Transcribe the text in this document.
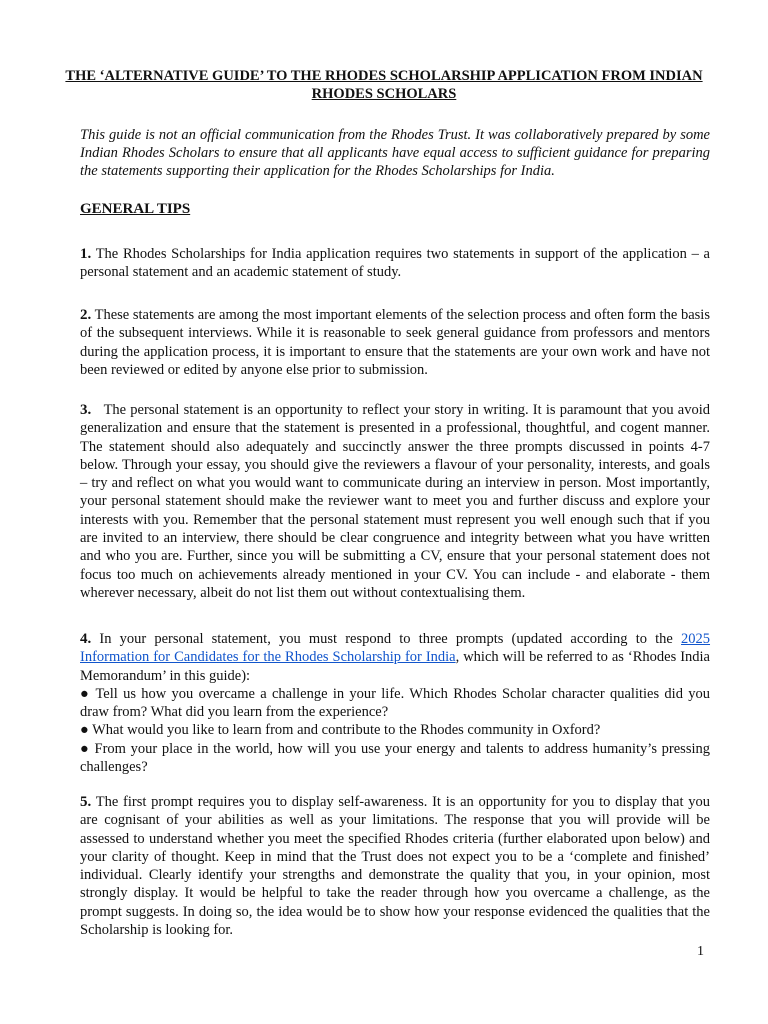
THE ‘ALTERNATIVE GUIDE’ TO THE RHODES SCHOLARSHIP APPLICATION FROM INDIAN RHODES SCHOLARS
This guide is not an official communication from the Rhodes Trust. It was collaboratively prepared by some Indian Rhodes Scholars to ensure that all applicants have equal access to sufficient guidance for preparing the statements supporting their application for the Rhodes Scholarships for India.
GENERAL TIPS

1. The Rhodes Scholarships for India application requires two statements in support of the application – a personal statement and an academic statement of study.

2. These statements are among the most important elements of the selection process and often form the basis of the subsequent interviews. While it is reasonable to seek general guidance from professors and mentors during the application process, it is important to ensure that the statements are your own work and have not been reviewed or edited by anyone else prior to submission.

3. The personal statement is an opportunity to reflect your story in writing. It is paramount that you avoid generalization and ensure that the statement is presented in a professional, thoughtful, and cogent manner. The statement should also adequately and succinctly answer the three prompts discussed in points 4-7 below. Through your essay, you should give the reviewers a flavour of your personality, interests, and goals – try and reflect on what you would want to communicate during an interview in person. Most importantly, your personal statement should make the reviewer want to meet you and further discuss and explore your interests with you. Remember that the personal statement must represent you well enough such that if you are invited to an interview, there should be clear congruence and integrity between what you have written and who you are. Further, since you will be submitting a CV, ensure that your personal statement does not focus too much on achievements already mentioned in your CV. You can include - and elaborate - them wherever necessary, albeit do not list them out without contextualising them.

4. In your personal statement, you must respond to three prompts (updated according to the 2025 Information for Candidates for the Rhodes Scholarship for India, which will be referred to as ‘Rhodes India Memorandum’ in this guide):
● Tell us how you overcame a challenge in your life. Which Rhodes Scholar character qualities did you draw from? What did you learn from the experience?
● What would you like to learn from and contribute to the Rhodes community in Oxford?
● From your place in the world, how will you use your energy and talents to address humanity’s pressing challenges?

5. The first prompt requires you to display self-awareness. It is an opportunity for you to display that you are cognisant of your abilities as well as your limitations. The response that you will provide will be assessed to understand whether you meet the specified Rhodes criteria (further elaborated upon below) and your clarity of thought. Keep in mind that the Trust does not expect you to be a ‘complete and finished’ individual. Clearly identify your strengths and demonstrate the quality that you, in your opinion, most strongly display. It would be helpful to take the reader through how you overcame a challenge, as the prompt suggests. In doing so, the idea would be to show how your response evidenced the qualities that the Scholarship is looking for.

1
